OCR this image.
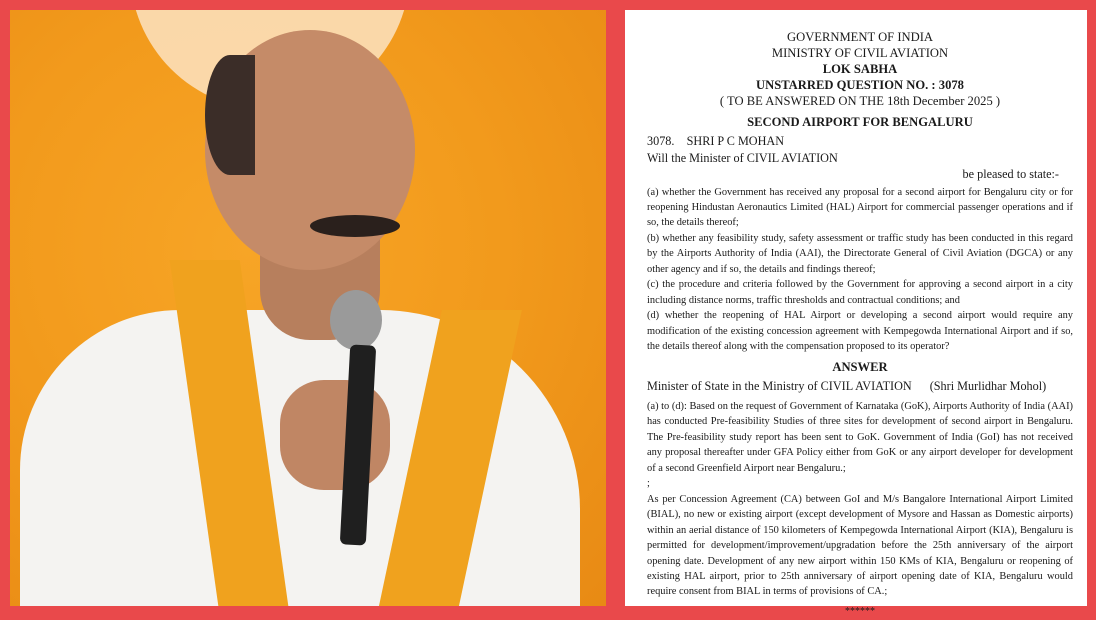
GOVERNMENT OF INDIA
MINISTRY OF CIVIL AVIATION
LOK SABHA
UNSTARRED QUESTION NO. : 3078
( TO BE ANSWERED ON THE 18th December 2025 )
SECOND AIRPORT FOR BENGALURU
3078.    SHRI P C MOHAN
Will the Minister of CIVIL AVIATION
be pleased to state:-
(a) whether the Government has received any proposal for a second airport for Bengaluru city or for reopening Hindustan Aeronautics Limited (HAL) Airport for commercial passenger operations and if so, the details thereof;
(b) whether any feasibility study, safety assessment or traffic study has been conducted in this regard by the Airports Authority of India (AAI), the Directorate General of Civil Aviation (DGCA) or any other agency and if so, the details and findings thereof;
(c) the procedure and criteria followed by the Government for approving a second airport in a city including distance norms, traffic thresholds and contractual conditions; and
(d) whether the reopening of HAL Airport or developing a second airport would require any modification of the existing concession agreement with Kempegowda International Airport and if so, the details thereof along with the compensation proposed to its operator?
ANSWER
Minister of State in the Ministry of CIVIL AVIATION (Shri Murlidhar Mohol)
(a) to (d): Based on the request of Government of Karnataka (GoK), Airports Authority of India (AAI) has conducted Pre-feasibility Studies of three sites for development of second airport in Bengaluru. The Pre-feasibility study report has been sent to GoK. Government of India (GoI) has not received any proposal thereafter under GFA Policy either from GoK or any airport developer for development of a second Greenfield Airport near Bengaluru.;
;
As per Concession Agreement (CA) between GoI and M/s Bangalore International Airport Limited (BIAL), no new or existing airport (except development of Mysore and Hassan as Domestic airports) within an aerial distance of 150 kilometers of Kempegowda International Airport (KIA), Bengaluru is permitted for development/improvement/upgradation before the 25th anniversary of the airport opening date. Development of any new airport within 150 KMs of KIA, Bengaluru or reopening of existing HAL airport, prior to 25th anniversary of airport opening date of KIA, Bengaluru would require consent from BIAL in terms of provisions of CA.;
******
